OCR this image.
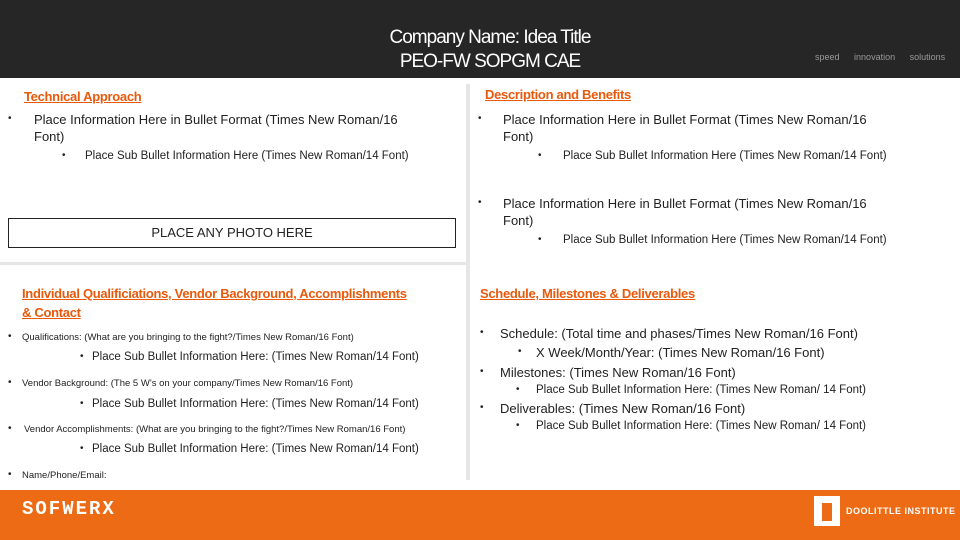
Company Name: Idea Title
PEO-FW SOPGM CAE	speed innovation solutions
Technical Approach
• Place Information Here in Bullet Format (Times New Roman/16
Font)
• Place Sub Bullet Information Here (Times New Roman/14 Font)
PLACE ANY PHOTO HERE
Description and Benefits
• Place Information Here in Bullet Format (Times New Roman/16
Font)
• Place Sub Bullet Information Here (Times New Roman/14 Font)
• Place Information Here in Bullet Format (Times New Roman/16
Font)
• Place Sub Bullet Information Here (Times New Roman/14 Font)
Individual Qualificiations, Vendor Background, Accomplishments
& Contact
• Qualifications: (What are you bringing to the fight?/Times New Roman/16 Font)
• Place Sub Bullet Information Here: (Times New Roman/14 Font)
• Vendor Background: (The 5 W’s on your company/Times New Roman/16 Font)
• Place Sub Bullet Information Here: (Times New Roman/14 Font)
• Vendor Accomplishments: (What are you bringing to the fight?/Times New Roman/16 Font)
• Place Sub Bullet Information Here: (Times New Roman/14 Font)
• Name/Phone/Email:
Schedule, Milestones & Deliverables
• Schedule: (Total time and phases/Times New Roman/16 Font)
• X Week/Month/Year: (Times New Roman/16 Font)
• Milestones: (Times New Roman/16 Font)
• Place Sub Bullet Information Here: (Times New Roman/ 14 Font)
• Deliverables: (Times New Roman/16 Font)
• Place Sub Bullet Information Here: (Times New Roman/ 14 Font)
SOFWERX	DOOLITTLE INSTITUTE
